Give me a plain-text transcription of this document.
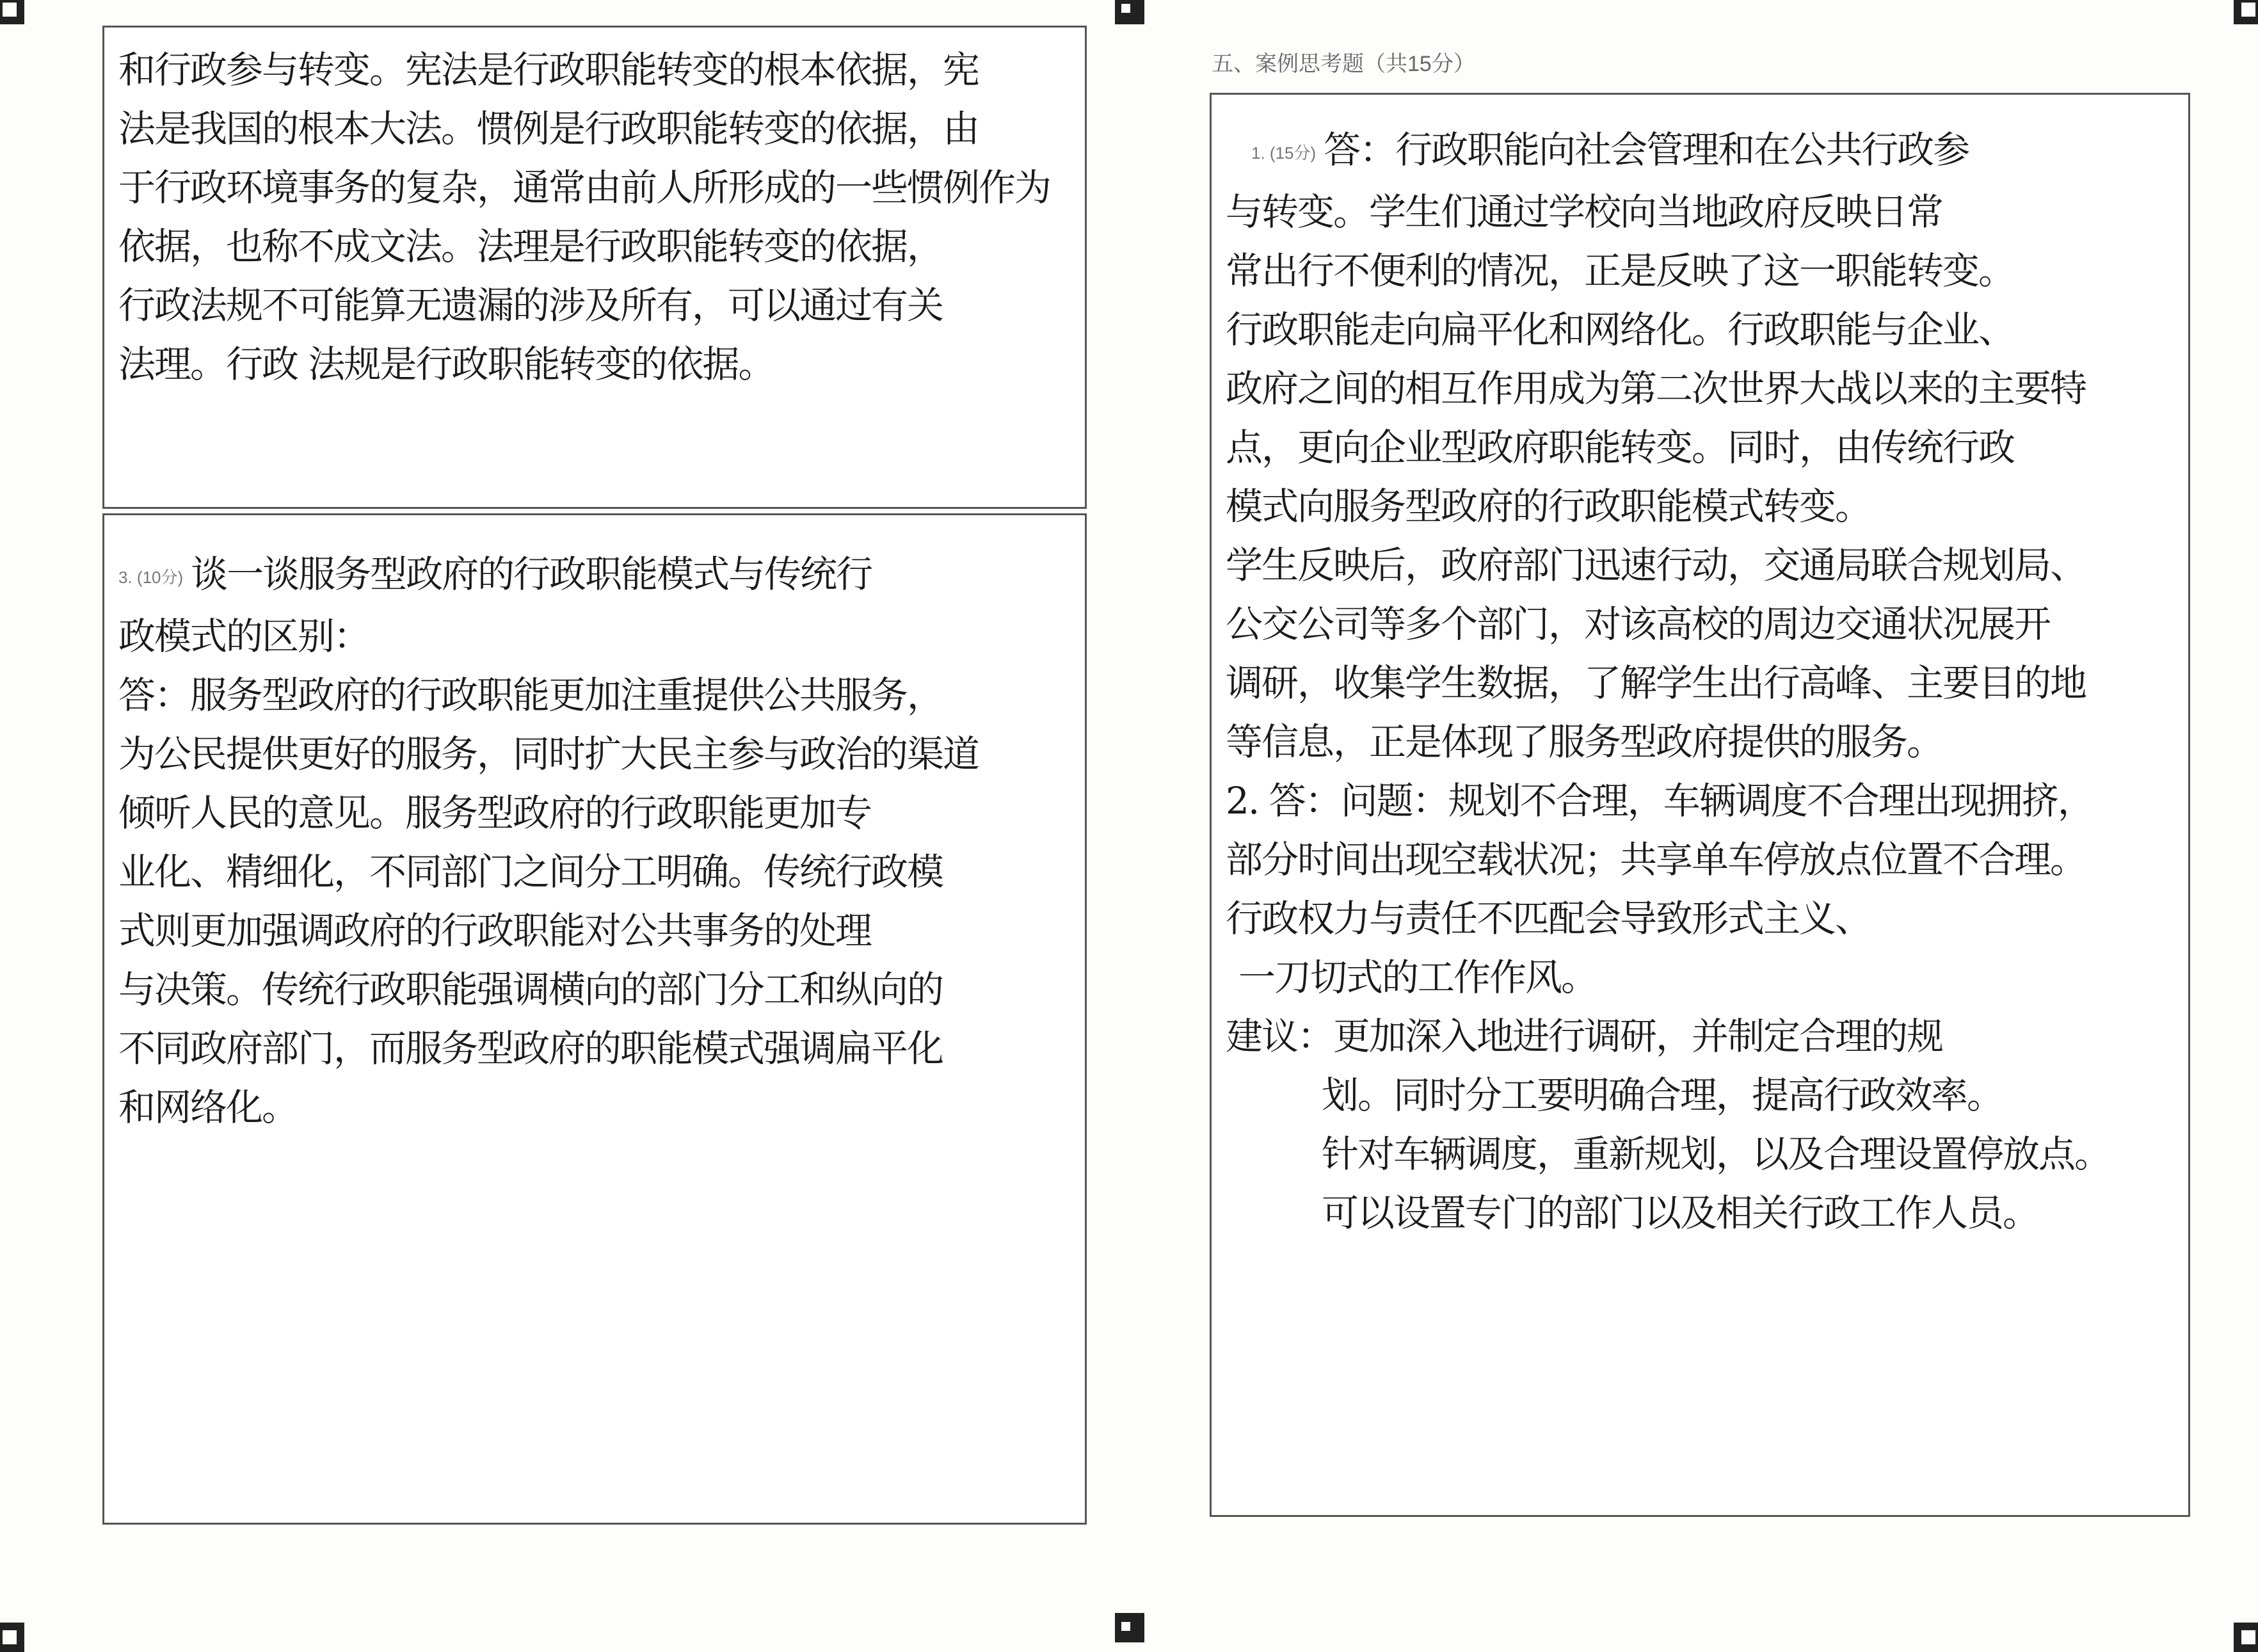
五、案例思考题（共15分）
和行政参与转变。宪法是行政职能转变的根本依据，宪
法是我国的根本大法。惯例是行政职能转变的依据，由
于行政环境事务的复杂，通常由前人所形成的一些惯例作为
依据，也称不成文法。法理是行政职能转变的依据，
行政法规不可能算无遗漏的涉及所有，可以通过有关
法理。行政 法规是行政职能转变的依据。
3. (10分) 谈一谈服务型政府的行政职能模式与传统行
政模式的区别：
答：服务型政府的行政职能更加注重提供公共服务，
为公民提供更好的服务，同时扩大民主参与政治的渠道
倾听人民的意见。服务型政府的行政职能更加专
业化、精细化，不同部门之间分工明确。传统行政模
式则更加强调政府的行政职能对公共事务的处理
与决策。传统行政职能强调横向的部门分工和纵向的
不同政府部门，而服务型政府的职能模式强调扁平化
和网络化。
1. (15分) 答：行政职能向社会管理和在公共行政参
与转变。学生们通过学校向当地政府反映日常
常出行不便利的情况，正是反映了这一职能转变。
行政职能走向扁平化和网络化。行政职能与企业、
政府之间的相互作用成为第二次世界大战以来的主要特
点，更向企业型政府职能转变。同时，由传统行政
模式向服务型政府的行政职能模式转变。
学生反映后，政府部门迅速行动，交通局联合规划局、
公交公司等多个部门，对该高校的周边交通状况展开
调研，收集学生数据，了解学生出行高峰、主要目的地
等信息，正是体现了服务型政府提供的服务。
2. 答：问题：规划不合理，车辆调度不合理出现拥挤，
部分时间出现空载状况；共享单车停放点位置不合理。
行政权力与责任不匹配会导致形式主义、
一刀切式的工作作风。
建议：更加深入地进行调研，并制定合理的规
划。同时分工要明确合理，提高行政效率。
针对车辆调度，重新规划，以及合理设置停放点。
可以设置专门的部门以及相关行政工作人员。
